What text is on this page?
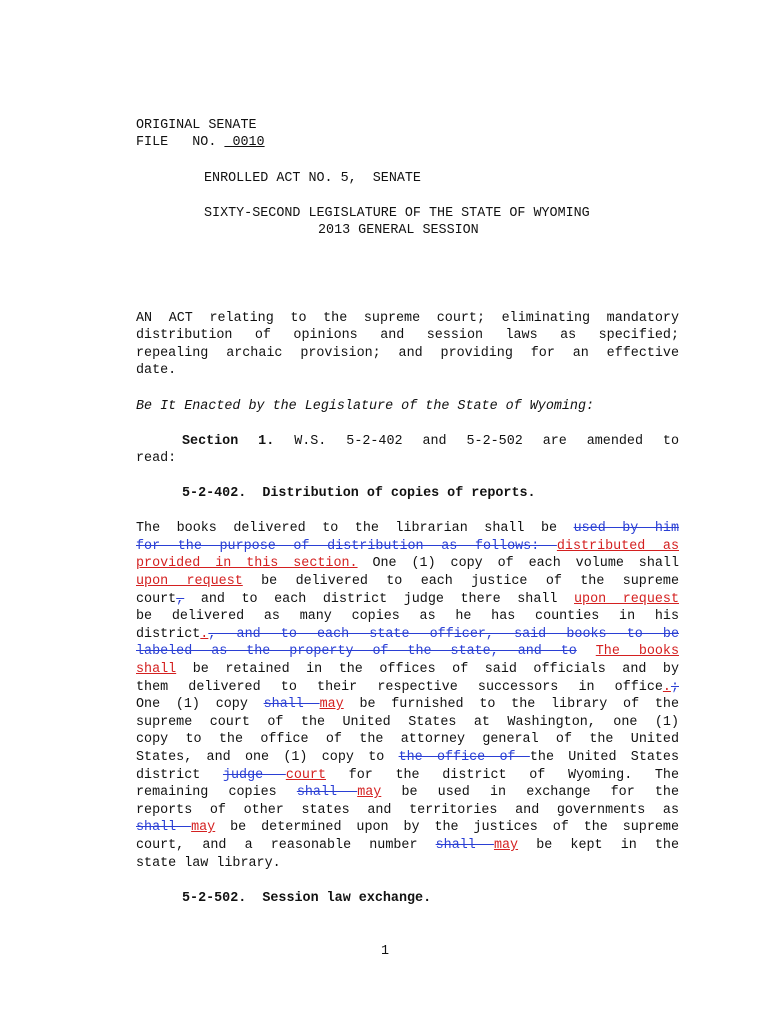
ORIGINAL SENATE
FILE   NO.  0010
ENROLLED ACT NO. 5,  SENATE
SIXTY-SECOND LEGISLATURE OF THE STATE OF WYOMING
2013 GENERAL SESSION
AN ACT relating to the supreme court; eliminating mandatory
distribution of opinions and session laws as specified;
repealing archaic provision; and providing for an effective
date.
Be It Enacted by the Legislature of the State of Wyoming:
Section 1. W.S. 5-2-402 and 5-2-502 are amended to
read:
5-2-402.  Distribution of copies of reports.
The books delivered to the librarian shall be used by him
for the purpose of distribution as follows: distributed as
provided in this section. One (1) copy of each volume shall
upon request be delivered to each justice of the supreme
court, and to each district judge there shall upon request
be delivered as many copies as he has counties in his
district., and to each state officer, said books to be
labeled as the property of the state, and to The books
shall be retained in the offices of said officials and by
them delivered to their respective successors in office.;
One (1) copy shall may be furnished to the library of the
supreme court of the United States at Washington, one (1)
copy to the office of the attorney general of the United
States, and one (1) copy to the office of the United States
district judge court for the district of Wyoming. The
remaining copies shall may be used in exchange for the
reports of other states and territories and governments as
shall may be determined upon by the justices of the supreme
court, and a reasonable number shall may be kept in the
state law library.
5-2-502.  Session law exchange.
1
